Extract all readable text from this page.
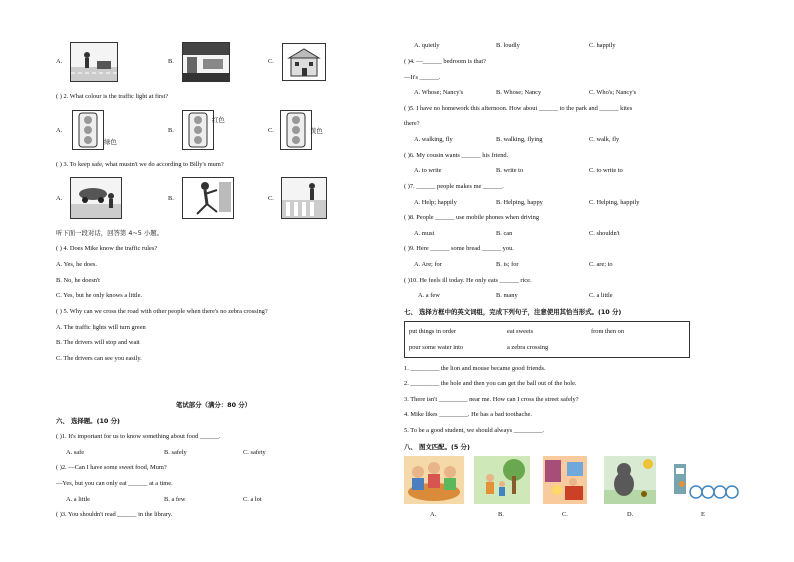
A.	B.	C.
( ) 2. What colour is the traffic light at first?
A.
绿色
B.
红色
C.	黄色
( ) 3. To keep safe, what mustn't we do according to Billy's mum?
A.	B.	C.
听下面一段对话，回答第 4~5 小题。
( ) 4. Does Mike know the traffic rules?
A. Yes, he does.
B. No, he doesn't
C. Yes, but he only knows a little.
( ) 5. Why can we cross the road with other people when there's no zebra crossing?
A. The traffic lights will turn green
B. The drivers will stop and wait
C. The drivers can see you easily.
笔试部分（满分：80 分）
六、 选择题。(10 分)
( )1. It's important for us to know something about food ______.
A. safe	B. safely	C. safety
( )2. —Can I have some sweet food, Mum?
—Yes, but you can only eat ______ at a time.
A. a little	B. a few	C. a lot
( )3. You shouldn't read ______ in the library.
A. quietly	B. loudly	C. happily
( )4. —______ bedroom is that?
—It's ______.
A. Whose; Nancy's	B. Whose; Nancy	C. Who's; Nancy's
( )5. I have no homework this afternoon. How about ______ to the park and ______ kites
there?
A. walking, fly	B. walking, flying	C. walk, fly
( )6. My cousin wants ______ his friend.
A. to write	B. write to	C. to write to
( )7. ______ people makes me ______.
A. Help; happily	B. Helping, happy	C. Helping, happily
( )8. People ______ use mobile phones when driving
A. must	B. can	C. shouldn't
( )9. Here ______ some bread ______ you.
A. Are; for	B. is; for	C. are; to
( )10. He feels ill today. He only eats ______ rice.
A. a few	B. many	C. a little
七、 选择方框中的英文词组，完成下列句子，注意使用其恰当形式。(10 分)
put things in order	eat sweets	from then on
pour some water into	a zebra crossing
1. _________ the lion and mouse became good friends.
2. _________ the hole and then you can get the ball out of the hole.
3. There isn't _________ near me. How can I cross the street safely?
4. Mike likes _________. He has a bad toothache.
5. To be a good student, we should always _________.
八、 图文匹配。(5 分)
A.	B.	C.	D.	E
